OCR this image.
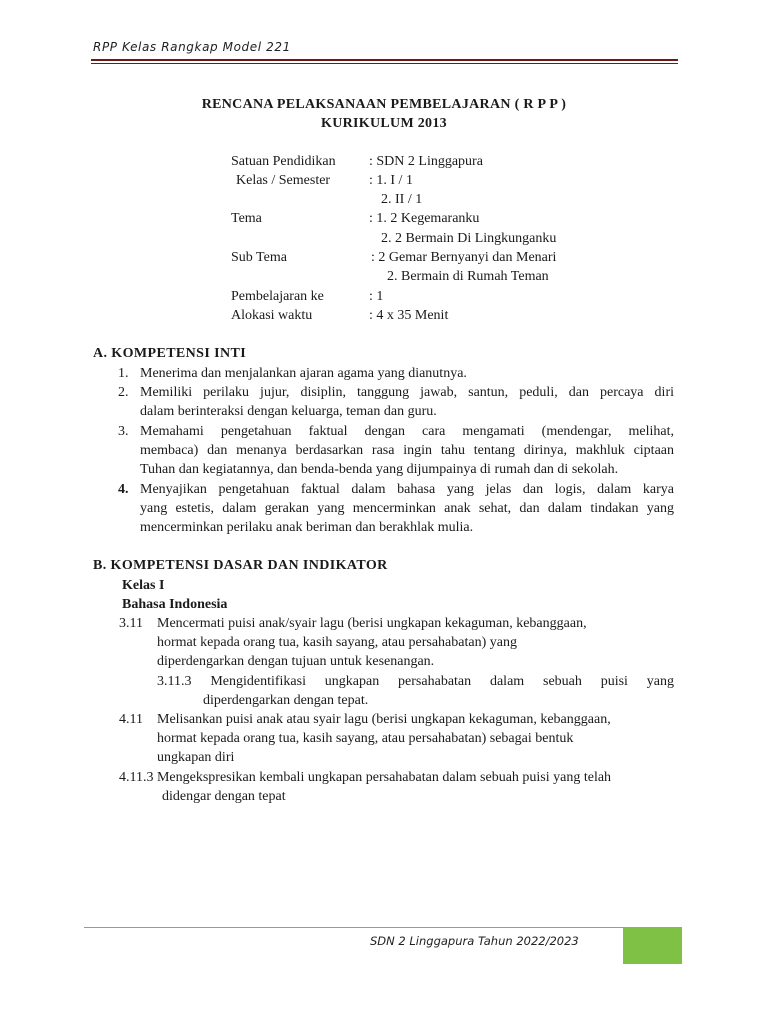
RPP Kelas Rangkap Model 221
RENCANA PELAKSANAAN PEMBELAJARAN ( R P P )
KURIKULUM 2013
Satuan Pendidikan : SDN 2 Linggapura
Kelas / Semester	: 1. I / 1
2. II / 1
Tema	: 1. 2 Kegemaranku
2. 2 Bermain Di Lingkunganku
Sub Tema	: 2 Gemar Bernyanyi dan Menari
2. Bermain di Rumah Teman
Pembelajaran ke	: 1
Alokasi waktu	: 4 x 35 Menit
A. KOMPETENSI INTI
1. Menerima dan menjalankan ajaran agama yang dianutnya.
2. Memiliki perilaku jujur, disiplin, tanggung jawab, santun, peduli, dan percaya diri
dalam berinteraksi dengan keluarga, teman dan guru.
3. Memahami pengetahuan faktual dengan cara mengamati (mendengar, melihat,
membaca) dan menanya berdasarkan rasa ingin tahu tentang dirinya, makhluk ciptaan
Tuhan dan kegiatannya, dan benda-benda yang dijumpainya di rumah dan di sekolah.
4. Menyajikan pengetahuan faktual dalam bahasa yang jelas dan logis, dalam karya
yang estetis, dalam gerakan yang mencerminkan anak sehat, dan dalam tindakan yang
mencerminkan perilaku anak beriman dan berakhlak mulia.
B. KOMPETENSI DASAR DAN INDIKATOR
Kelas I
Bahasa Indonesia
3.11 Mencermati puisi anak/syair lagu (berisi ungkapan kekaguman, kebanggaan,
hormat kepada orang tua, kasih sayang, atau persahabatan) yang
diperdengarkan dengan tujuan untuk kesenangan.
3.11.3 Mengidentifikasi ungkapan persahabatan dalam sebuah puisi yang
diperdengarkan dengan tepat.
4.11 Melisankan puisi anak atau syair lagu (berisi ungkapan kekaguman, kebanggaan,
hormat kepada orang tua, kasih sayang, atau persahabatan) sebagai bentuk
ungkapan diri
4.11.3 Mengekspresikan kembali ungkapan persahabatan dalam sebuah puisi yang telah
didengar dengan tepat
SDN 2 Linggapura Tahun 2022/2023
